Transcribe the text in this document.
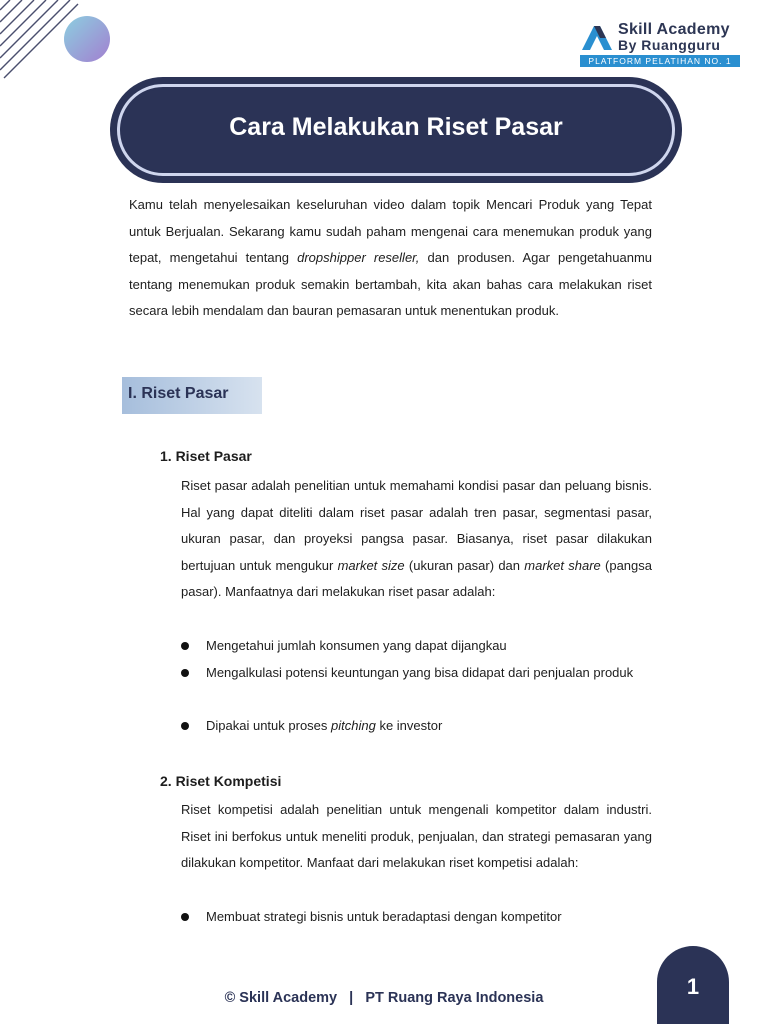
Skill Academy
By Ruangguru
PLATFORM PELATIHAN NO. 1
Cara Melakukan Riset Pasar
Kamu telah menyelesaikan keseluruhan video dalam topik Mencari Produk yang Tepat untuk Berjualan. Sekarang kamu sudah paham mengenai cara menemukan produk yang tepat, mengetahui tentang dropshipper reseller, dan produsen. Agar pengetahuanmu tentang menemukan produk semakin bertambah, kita akan bahas cara melakukan riset secara lebih mendalam dan bauran pemasaran untuk menentukan produk.
I. Riset Pasar
1. Riset Pasar
Riset pasar adalah penelitian untuk memahami kondisi pasar dan peluang bisnis. Hal yang dapat diteliti dalam riset pasar adalah tren pasar, segmentasi pasar, ukuran pasar, dan proyeksi pangsa pasar. Biasanya, riset pasar dilakukan bertujuan untuk mengukur market size (ukuran pasar) dan market share (pangsa pasar). Manfaatnya dari melakukan riset pasar adalah:
Mengetahui jumlah konsumen yang dapat dijangkau
Mengalkulasi potensi keuntungan yang bisa didapat dari penjualan produk
Dipakai untuk proses pitching ke investor
2. Riset Kompetisi
Riset kompetisi adalah penelitian untuk mengenali kompetitor dalam industri. Riset ini berfokus untuk meneliti produk, penjualan, dan strategi pemasaran yang dilakukan kompetitor. Manfaat dari melakukan riset kompetisi adalah:
Membuat strategi bisnis untuk beradaptasi dengan kompetitor
© Skill Academy   |   PT Ruang Raya Indonesia	1
